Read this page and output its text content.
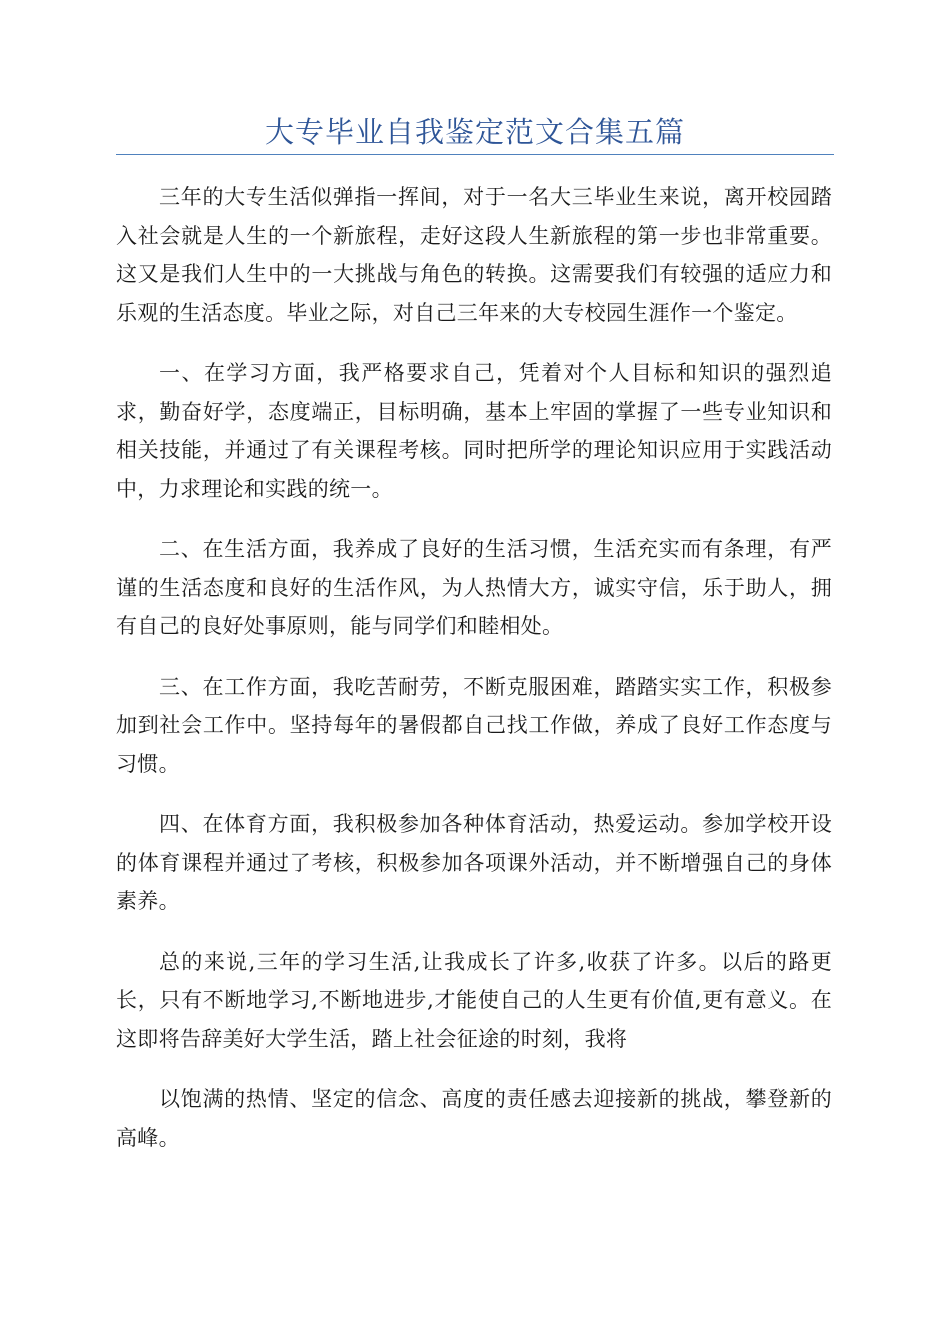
大专毕业自我鉴定范文合集五篇

三年的大专生活似弹指一挥间，对于一名大三毕业生来说，离开校园踏入社会就是人生的一个新旅程，走好这段人生新旅程的第一步也非常重要。这又是我们人生中的一大挑战与角色的转换。这需要我们有较强的适应力和乐观的生活态度。毕业之际，对自己三年来的大专校园生涯作一个鉴定。

一、在学习方面，我严格要求自己，凭着对个人目标和知识的强烈追求，勤奋好学，态度端正，目标明确，基本上牢固的掌握了一些专业知识和相关技能，并通过了有关课程考核。同时把所学的理论知识应用于实践活动中，力求理论和实践的统一。

二、在生活方面，我养成了良好的生活习惯，生活充实而有条理，有严谨的生活态度和良好的生活作风，为人热情大方，诚实守信，乐于助人，拥有自己的良好处事原则，能与同学们和睦相处。

三、在工作方面，我吃苦耐劳，不断克服困难，踏踏实实工作，积极参加到社会工作中。坚持每年的暑假都自己找工作做，养成了良好工作态度与习惯。

四、在体育方面，我积极参加各种体育活动，热爱运动。参加学校开设的体育课程并通过了考核，积极参加各项课外活动，并不断增强自己的身体素养。

总的来说,三年的学习生活,让我成长了许多,收获了许多。以后的路更长，只有不断地学习,不断地进步,才能使自己的人生更有价值,更有意义。在这即将告辞美好大学生活，踏上社会征途的时刻，我将

以饱满的热情、坚定的信念、高度的责任感去迎接新的挑战，攀登新的高峰。
